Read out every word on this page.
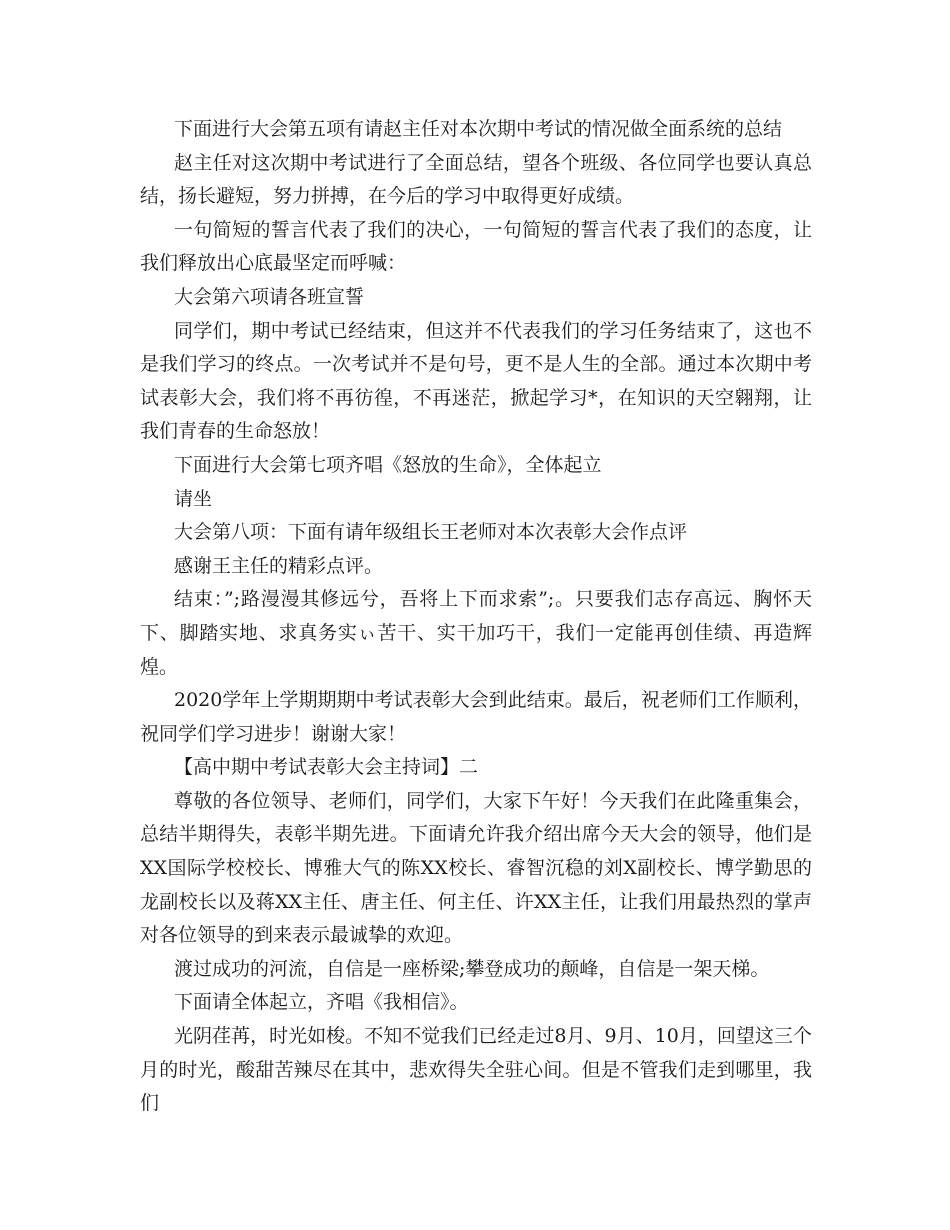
下面进行大会第五项有请赵主任对本次期中考试的情况做全面系统的总结

赵主任对这次期中考试进行了全面总结，望各个班级、各位同学也要认真总结，扬长避短，努力拼搏，在今后的学习中取得更好成绩。

一句简短的誓言代表了我们的决心，一句简短的誓言代表了我们的态度，让我们释放出心底最坚定而呼喊：

大会第六项请各班宣誓

同学们，期中考试已经结束，但这并不代表我们的学习任务结束了，这也不是我们学习的终点。一次考试并不是句号，更不是人生的全部。通过本次期中考试表彰大会，我们将不再彷徨，不再迷茫，掀起学习*，在知识的天空翱翔，让我们青春的生命怒放！

下面进行大会第七项齐唱《怒放的生命》，全体起立

请坐

大会第八项：下面有请年级组长王老师对本次表彰大会作点评

感谢王主任的精彩点评。

结束：”;路漫漫其修远兮，吾将上下而求索”;。只要我们志存高远、胸怀天下、脚踏实地、求真务实ぃ苦干、实干加巧干，我们一定能再创佳绩、再造辉煌。

2020学年上学期期期中考试表彰大会到此结束。最后，祝老师们工作顺利，祝同学们学习进步！谢谢大家！

【高中期中考试表彰大会主持词】二

尊敬的各位领导、老师们，同学们，大家下午好！今天我们在此隆重集会，总结半期得失，表彰半期先进。下面请允许我介绍出席今天大会的领导，他们是XX国际学校校长、博雅大气的陈XX校长、睿智沉稳的刘X副校长、博学勤思的龙副校长以及蒋XX主任、唐主任、何主任、许XX主任，让我们用最热烈的掌声对各位领导的到来表示最诚挚的欢迎。

渡过成功的河流，自信是一座桥梁;攀登成功的颠峰，自信是一架天梯。

下面请全体起立，齐唱《我相信》。

光阴荏苒，时光如梭。不知不觉我们已经走过8月、9月、10月，回望这三个月的时光，酸甜苦辣尽在其中，悲欢得失全驻心间。但是不管我们走到哪里，我们
